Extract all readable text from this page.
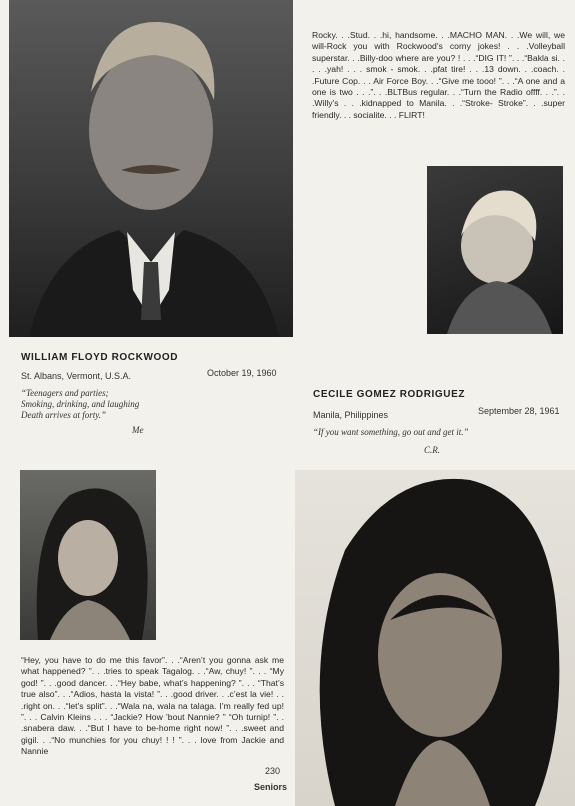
Rocky. . .Stud. . .hi, handsome. . .MACHO MAN. . .We will, we will-Rock you with Rockwood’s corny jokes! . . .Volleyball superstar. . .Billy-doo where are you? ! . . .“DIG IT! ”. . .“Bakla si. . . . .yah! . . . smok - smok. . .pfat tire! . . .13 down. . .coach. . .Future Cop. . . Air Force Boy. . .“Give me tooo! ”. . .“A one and a one is two . . .”. . .BLTBus regular. . .“Turn the Radio offff. . .”. . .Willy’s . . .kidnapped to Manila. . .“Stroke- Stroke”. . .super friendly. . . socialite. . . FLIRT!
WILLIAM FLOYD ROCKWOOD
St. Albans, Vermont, U.S.A.	October 19, 1960
“Teenagers and parties;
Smoking, drinking, and laughing
Death arrives at forty.”
Me
CECILE GOMEZ RODRIGUEZ
Manila, Philippines	September 28, 1961
“If you want something, go out and get it.”
C.R.
“Hey, you have to do me this favor”. . .“Aren’t you gonna ask me what happened? ”. . .tries to speak Tagalog. . .“Aw, chuy! ”. . . “My god! ”. . .good dancer. . .“Hey babe, what’s happening? ”. . . “That’s true also”. . .“Adios, hasta la vista! ”. . .good driver. . .c’est la vie! . . .right on. . .“let’s split”. . .“Wala na, wala na talaga. I’m really fed up! ”. . . Calvin Kleins . . . “Jackie? How ’bout Nannie? ” “Oh turnip! ”. . .snabera daw. . .“But I have to be-home right now! ”. . .sweet and gigil. . .“No munchies for you chuy! ! ! ”. . . love from Jackie and Nannie
230
Seniors
